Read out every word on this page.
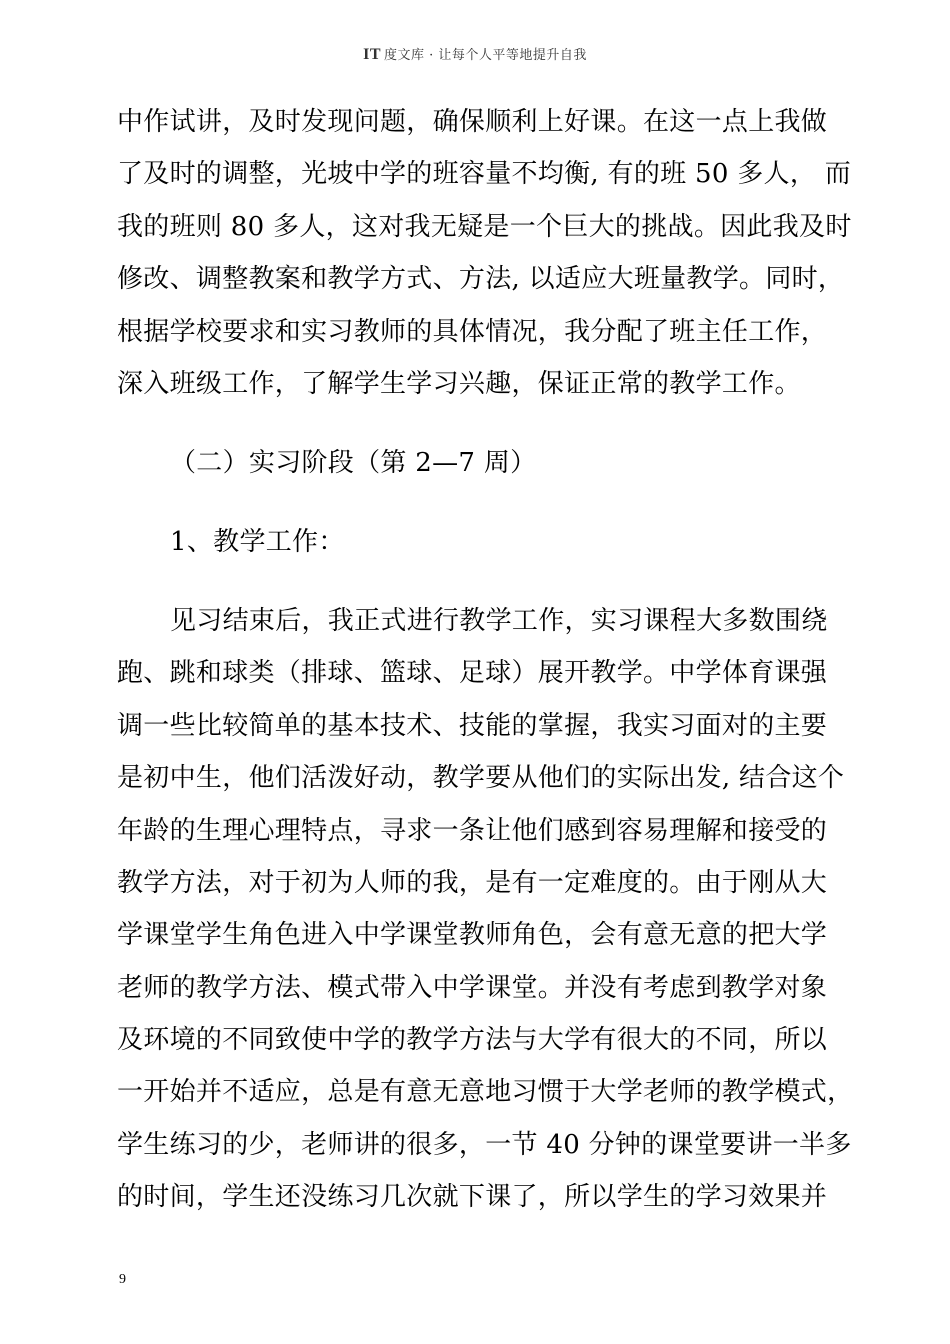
IT 度文库 · 让每个人平等地提升自我
中作试讲，及时发现问题，确保顺利上好课。在这一点上我做
了及时的调整，光坡中学的班容量不均衡, 有的班 50 多人， 而
我的班则 80 多人，这对我无疑是一个巨大的挑战。因此我及时
修改、调整教案和教学方式、方法, 以适应大班量教学。同时，
根据学校要求和实习教师的具体情况，我分配了班主任工作，
深入班级工作，了解学生学习兴趣，保证正常的教学工作。
（二）实习阶段（第 2—7 周）
1、教学工作：
见习结束后，我正式进行教学工作，实习课程大多数围绕
跑、跳和球类（排球、篮球、足球）展开教学。中学体育课强
调一些比较简单的基本技术、技能的掌握，我实习面对的主要
是初中生，他们活泼好动，教学要从他们的实际出发, 结合这个
年龄的生理心理特点，寻求一条让他们感到容易理解和接受的
教学方法，对于初为人师的我，是有一定难度的。由于刚从大
学课堂学生角色进入中学课堂教师角色，会有意无意的把大学
老师的教学方法、模式带入中学课堂。并没有考虑到教学对象
及环境的不同致使中学的教学方法与大学有很大的不同，所以
一开始并不适应，总是有意无意地习惯于大学老师的教学模式，
学生练习的少，老师讲的很多，一节 40 分钟的课堂要讲一半多
的时间，学生还没练习几次就下课了，所以学生的学习效果并
9
